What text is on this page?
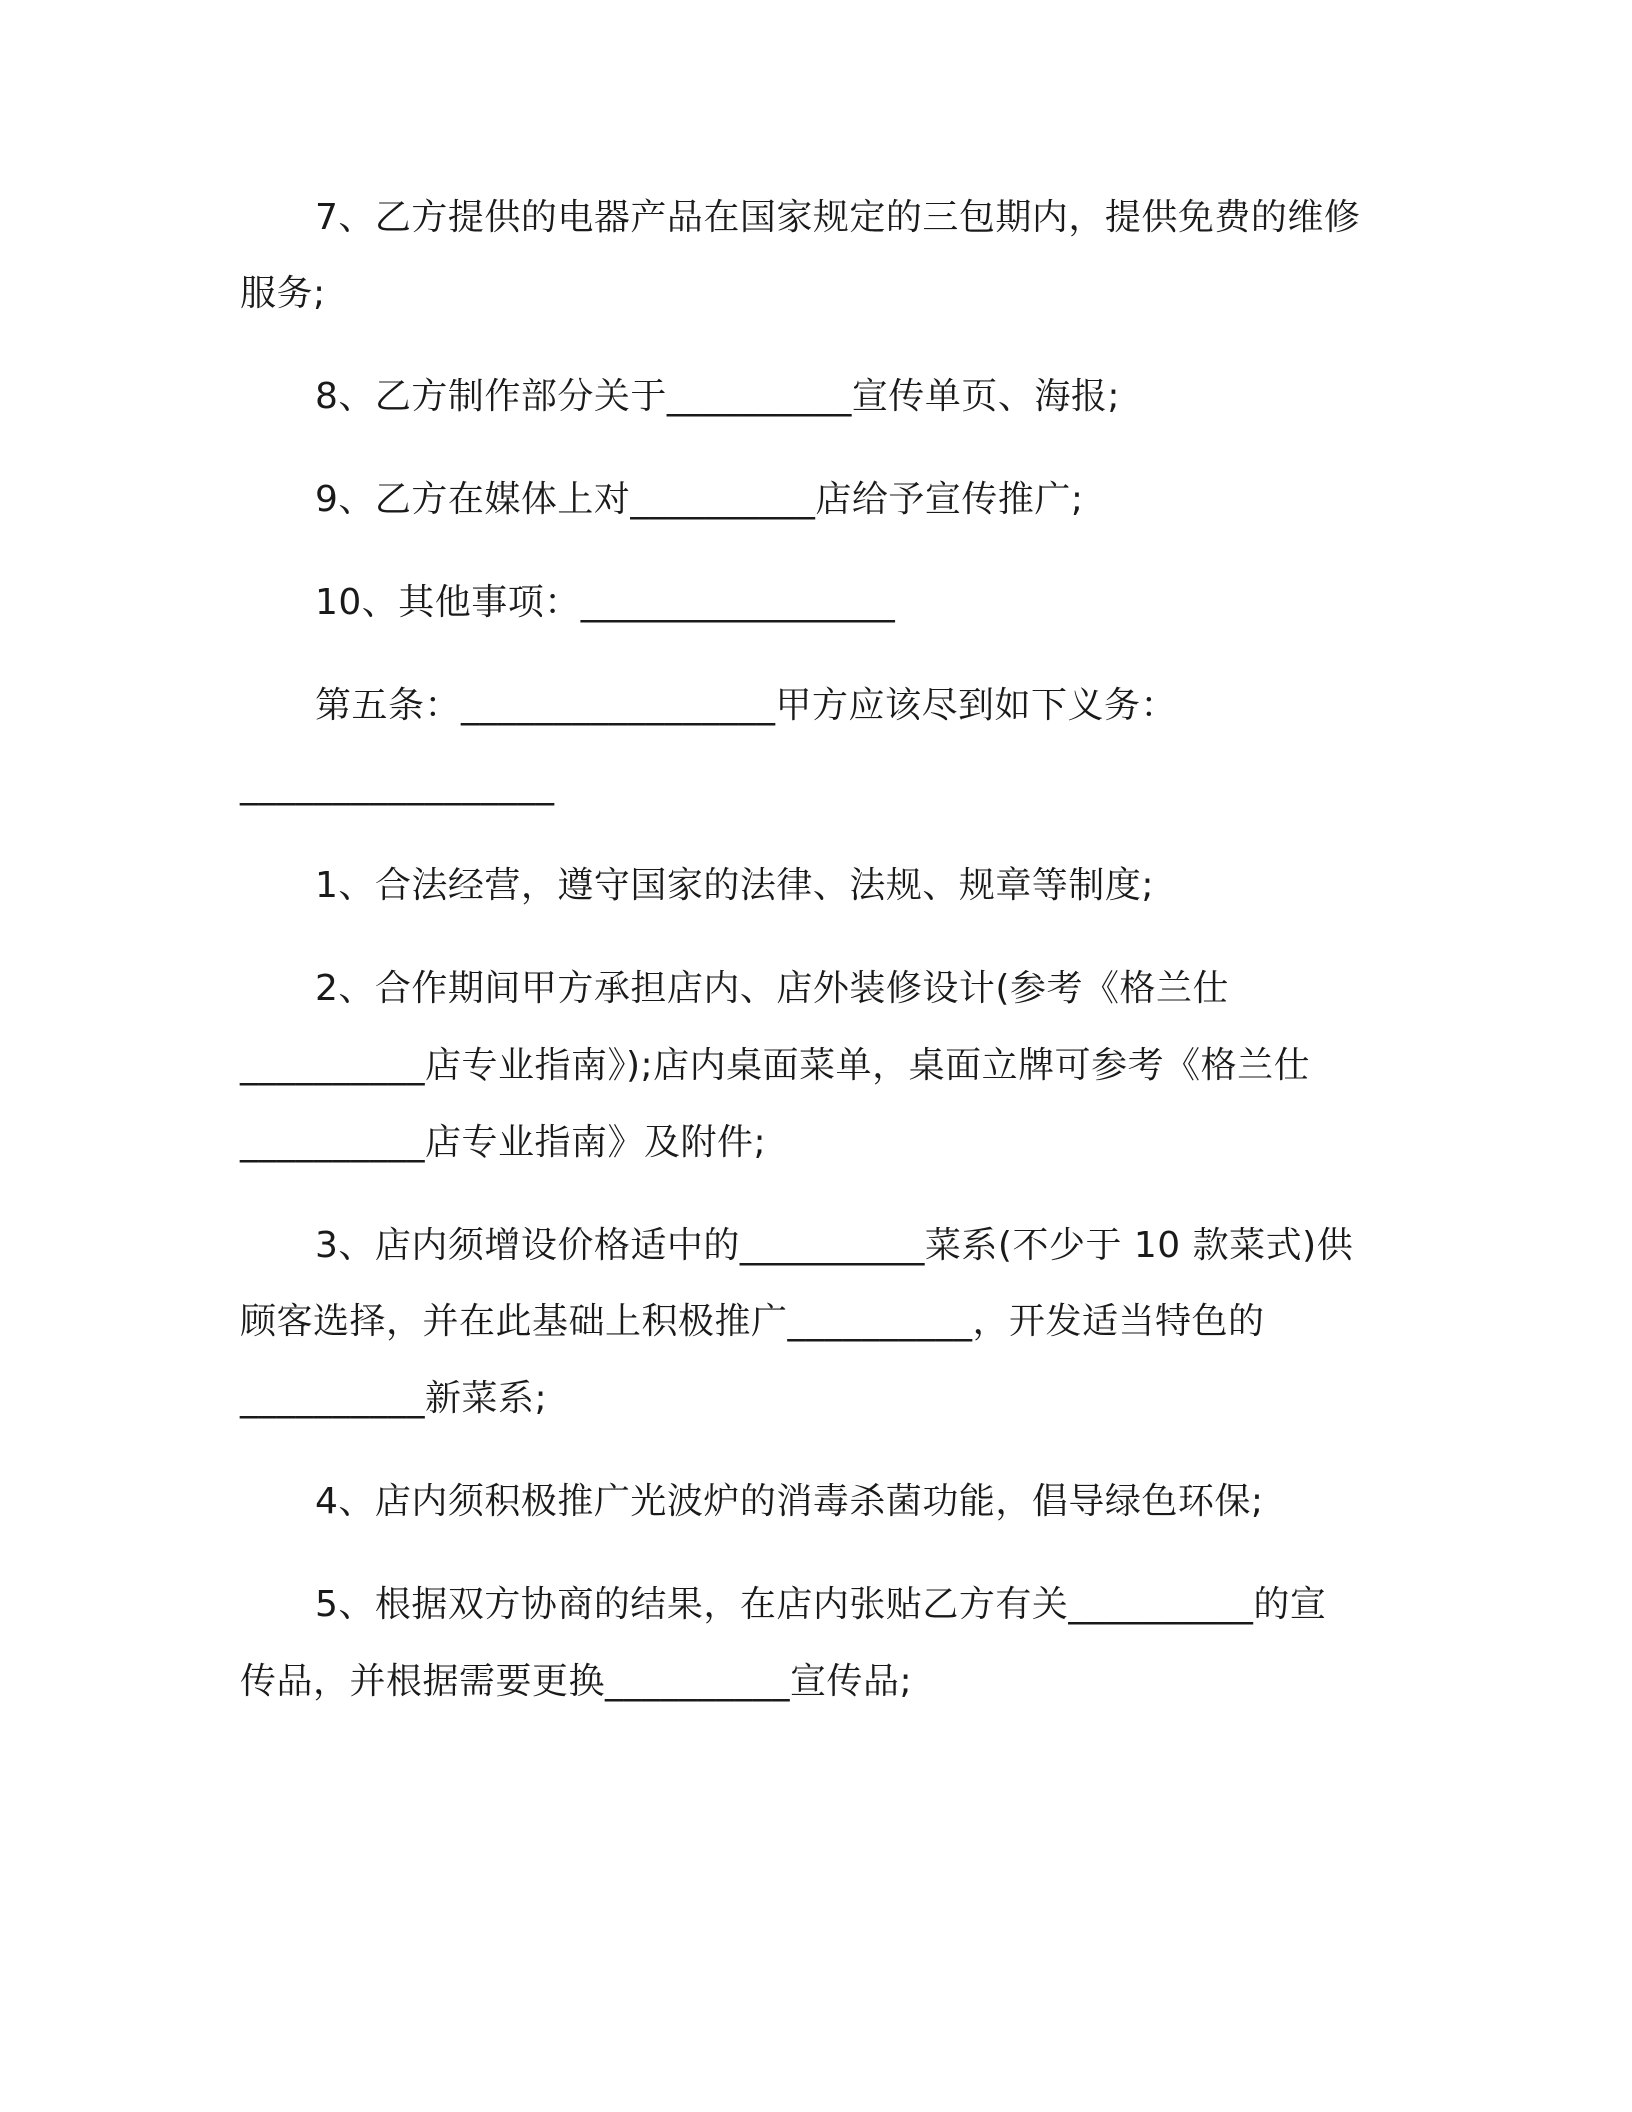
7、乙方提供的电器产品在国家规定的三包期内，提供免费的维修
服务;
8、乙方制作部分关于__________宣传单页、海报;
9、乙方在媒体上对__________店给予宣传推广;
10、其他事项：_________________
第五条：_________________甲方应该尽到如下义务：
_________________
1、合法经营，遵守国家的法律、法规、规章等制度;
2、合作期间甲方承担店内、店外装修设计(参考《格兰仕
__________店专业指南》);店内桌面菜单，桌面立牌可参考《格兰仕
__________店专业指南》及附件;
3、店内须增设价格适中的__________菜系(不少于 10 款菜式)供
顾客选择，并在此基础上积极推广__________，开发适当特色的
__________新菜系;
4、店内须积极推广光波炉的消毒杀菌功能，倡导绿色环保;
5、根据双方协商的结果，在店内张贴乙方有关__________的宣
传品，并根据需要更换__________宣传品;
